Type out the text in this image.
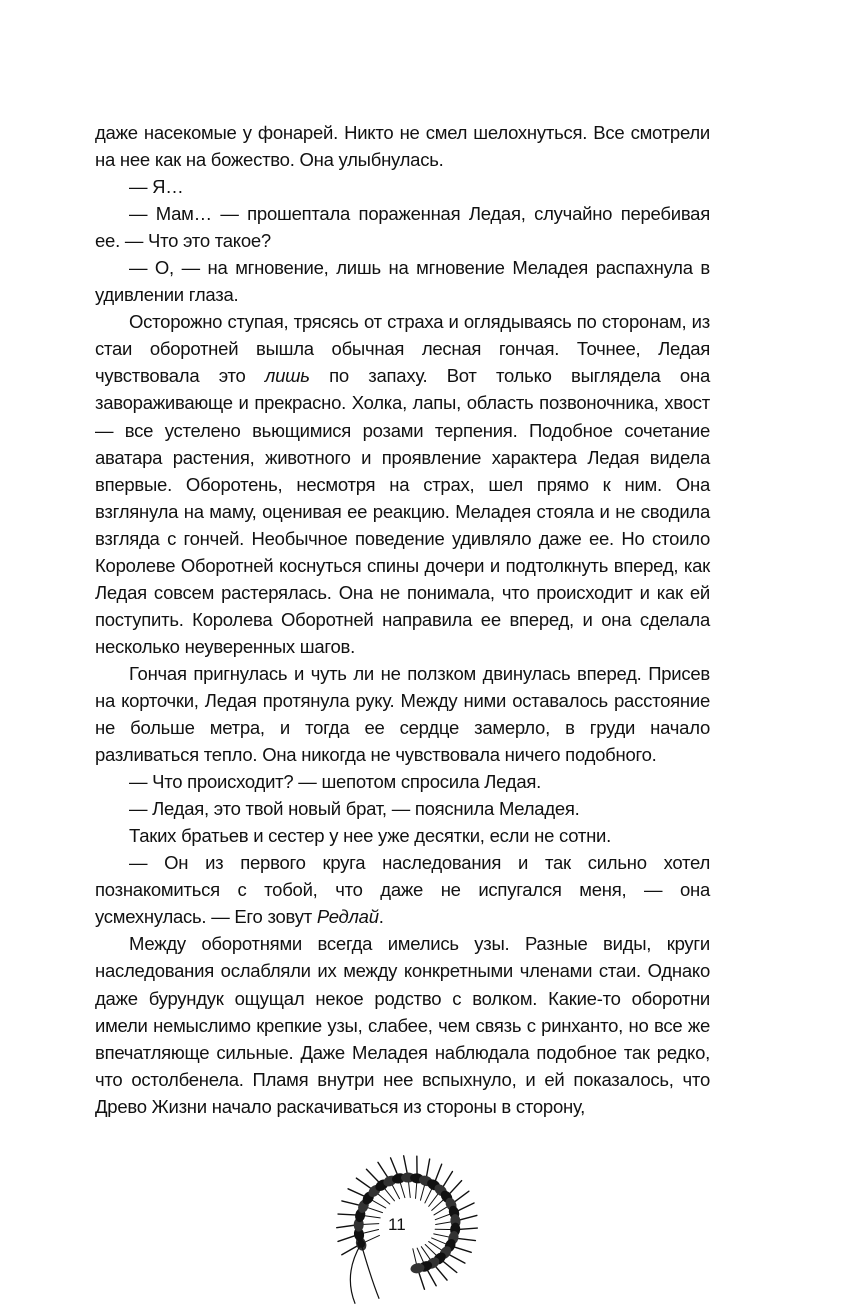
даже насекомые у фонарей. Никто не смел шелохнуться. Все смотрели на нее как на божество. Она улыбнулась.

— Я…

— Мам… — прошептала пораженная Ледая, случайно перебивая ее. — Что это такое?

— О, — на мгновение, лишь на мгновение Меладея распахнула в удивлении глаза.

Осторожно ступая, трясясь от страха и оглядываясь по сторонам, из стаи оборотней вышла обычная лесная гончая. Точнее, Ледая чувствовала это лишь по запаху. Вот только выглядела она завораживающе и прекрасно. Холка, лапы, область позвоночника, хвост — все устелено вьющимися розами терпения. Подобное сочетание аватара растения, животного и проявление характера Ледая видела впервые. Оборотень, несмотря на страх, шел прямо к ним. Она взглянула на маму, оценивая ее реакцию. Меладея стояла и не сводила взгляда с гончей. Необычное поведение удивляло даже ее. Но стоило Королеве Оборотней коснуться спины дочери и подтолкнуть вперед, как Ледая совсем растерялась. Она не понимала, что происходит и как ей поступить. Королева Оборотней направила ее вперед, и она сделала несколько неуверенных шагов.

Гончая пригнулась и чуть ли не ползком двинулась вперед. Присев на корточки, Ледая протянула руку. Между ними оставалось расстояние не больше метра, и тогда ее сердце замерло, в груди начало разливаться тепло. Она никогда не чувствовала ничего подобного.

— Что происходит? — шепотом спросила Ледая.

— Ледая, это твой новый брат, — пояснила Меладея.

Таких братьев и сестер у нее уже десятки, если не сотни.

— Он из первого круга наследования и так сильно хотел познакомиться с тобой, что даже не испугался меня, — она усмехнулась. — Его зовут Редлай.

Между оборотнями всегда имелись узы. Разные виды, круги наследования ослабляли их между конкретными членами стаи. Однако даже бурундук ощущал некое родство с волком. Какие-то оборотни имели немыслимо крепкие узы, слабее, чем связь с ринханто, но все же впечатляюще сильные. Даже Меладея наблюдала подобное так редко, что остолбенела. Пламя внутри нее вспыхнуло, и ей показалось, что Древо Жизни начало раскачиваться из стороны в сторону,

11
